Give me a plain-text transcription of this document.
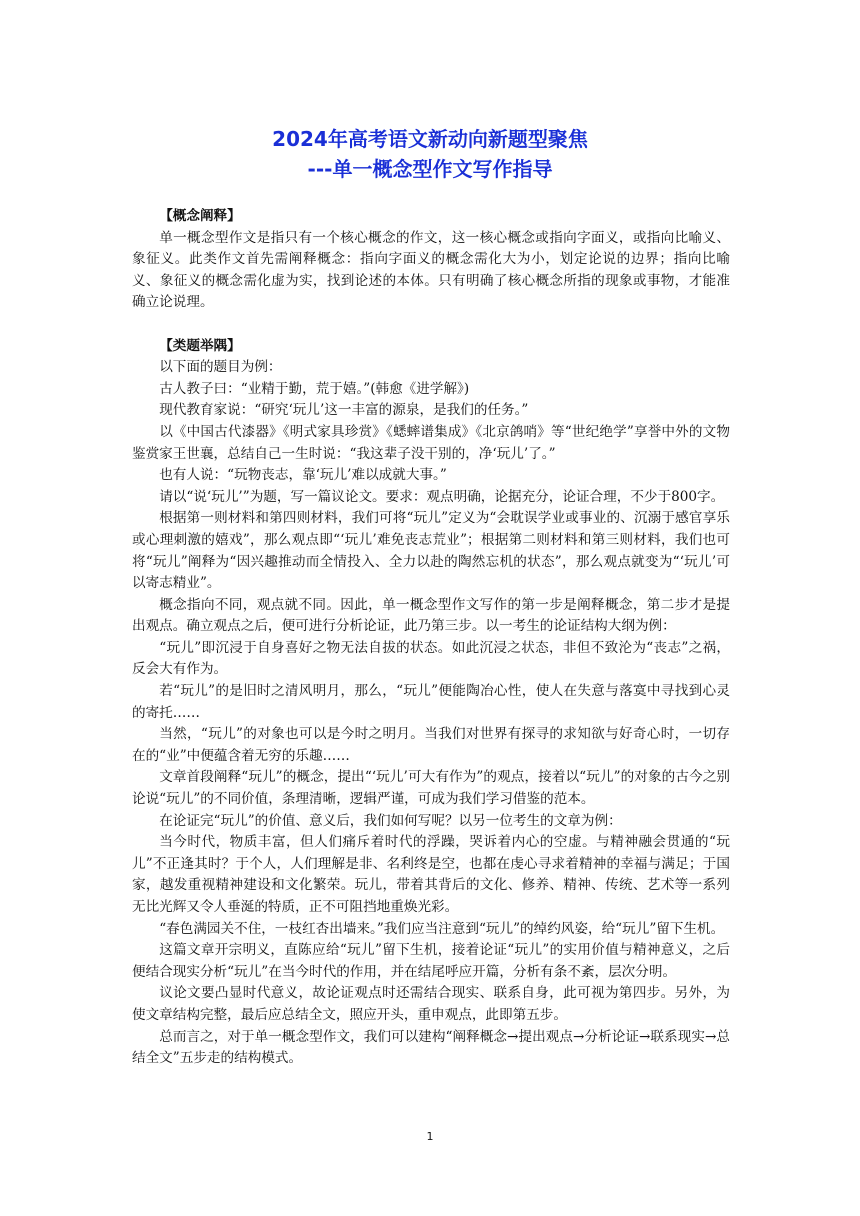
2024年高考语文新动向新题型聚焦
---单一概念型作文写作指导

【概念阐释】

单一概念型作文是指只有一个核心概念的作文，这一核心概念或指向字面义，或指向比喻义、象征义。此类作文首先需阐释概念：指向字面义的概念需化大为小，划定论说的边界；指向比喻义、象征义的概念需化虚为实，找到论述的本体。只有明确了核心概念所指的现象或事物，才能准确立论说理。

【类题举隅】

以下面的题目为例：

古人教子曰：“业精于勤，荒于嬉。”(韩愈《进学解》)

现代教育家说：“研究‘玩儿’这一丰富的源泉，是我们的任务。”

以《中国古代漆器》《明式家具珍赏》《蟋蟀谱集成》《北京鸽哨》等“世纪绝学”享誉中外的文物鉴赏家王世襄，总结自己一生时说：“我这辈子没干别的，净‘玩儿’了。”

也有人说：“玩物丧志，靠‘玩儿’难以成就大事。”

请以“说‘玩儿’”为题，写一篇议论文。要求：观点明确，论据充分，论证合理，不少于800字。

根据第一则材料和第四则材料，我们可将“玩儿”定义为“会耽误学业或事业的、沉溺于感官享乐或心理刺激的嬉戏”，那么观点即“‘玩儿’难免丧志荒业”；根据第二则材料和第三则材料，我们也可将“玩儿”阐释为“因兴趣推动而全情投入、全力以赴的陶然忘机的状态”，那么观点就变为“‘玩儿’可以寄志精业”。

概念指向不同，观点就不同。因此，单一概念型作文写作的第一步是阐释概念，第二步才是提出观点。确立观点之后，便可进行分析论证，此乃第三步。以一考生的论证结构大纲为例：

“玩儿”即沉浸于自身喜好之物无法自拔的状态。如此沉浸之状态，非但不致沦为“丧志”之祸，反会大有作为。

若“玩儿”的是旧时之清风明月，那么，“玩儿”便能陶冶心性，使人在失意与落寞中寻找到心灵的寄托……

当然，“玩儿”的对象也可以是今时之明月。当我们对世界有探寻的求知欲与好奇心时，一切存在的“业”中便蕴含着无穷的乐趣……

文章首段阐释“玩儿”的概念，提出“‘玩儿’可大有作为”的观点，接着以“玩儿”的对象的古今之别论说“玩儿”的不同价值，条理清晰，逻辑严谨，可成为我们学习借鉴的范本。

在论证完“玩儿”的价值、意义后，我们如何写呢？以另一位考生的文章为例：

当今时代，物质丰富，但人们痛斥着时代的浮躁，哭诉着内心的空虚。与精神融会贯通的“玩儿”不正逢其时？于个人，人们理解是非、名利终是空，也都在虔心寻求着精神的幸福与满足；于国家，越发重视精神建设和文化繁荣。玩儿，带着其背后的文化、修养、精神、传统、艺术等一系列无比光辉又令人垂涎的特质，正不可阻挡地重焕光彩。

“春色满园关不住，一枝红杏出墙来。”我们应当注意到“玩儿”的绰约风姿，给“玩儿”留下生机。

这篇文章开宗明义，直陈应给“玩儿”留下生机，接着论证“玩儿”的实用价值与精神意义，之后便结合现实分析“玩儿”在当今时代的作用，并在结尾呼应开篇，分析有条不紊，层次分明。

议论文要凸显时代意义，故论证观点时还需结合现实、联系自身，此可视为第四步。另外，为使文章结构完整，最后应总结全文，照应开头，重申观点，此即第五步。

总而言之，对于单一概念型作文，我们可以建构“阐释概念→提出观点→分析论证→联系现实→总结全文”五步走的结构模式。

1
